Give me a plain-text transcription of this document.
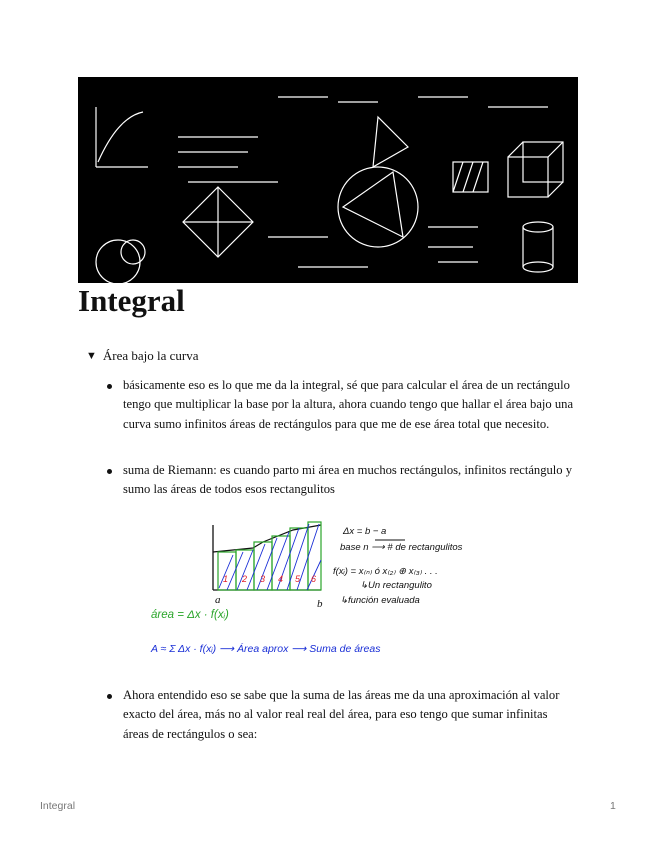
Integral
▼ Área bajo la curva
básicamente eso es lo que me da la integral, sé que para calcular el área de un rectángulo tengo que multiplicar la base por la altura, ahora cuando tengo que hallar el área bajo una curva sumo infinitos áreas de rectángulos para que me de ese área total que necesito.
suma de Riemann: es cuando parto mi área en muchos rectángulos, infinitos rectángulo y sumo las áreas de todos esos rectangulitos
1 2 3 4 5 6
a	b
Δx = b − a
base n ⟶ # de rectangulitos
f(xᵢ) = x₍ₙ₎ ó x₍₂₎ ⊕ x₍₃₎ . . .
↳Un rectangulito
↳función evaluada
área = Δx · f(xᵢ)
A ≈ Σ Δx · f(xᵢ) ⟶ Área aprox ⟶ Suma de áreas
Ahora entendido eso se sabe que la suma de las áreas me da una aproximación al valor exacto del área, más no al valor real real del área, para eso tengo que sumar infinitas áreas de rectángulos o sea:
Integral	1
